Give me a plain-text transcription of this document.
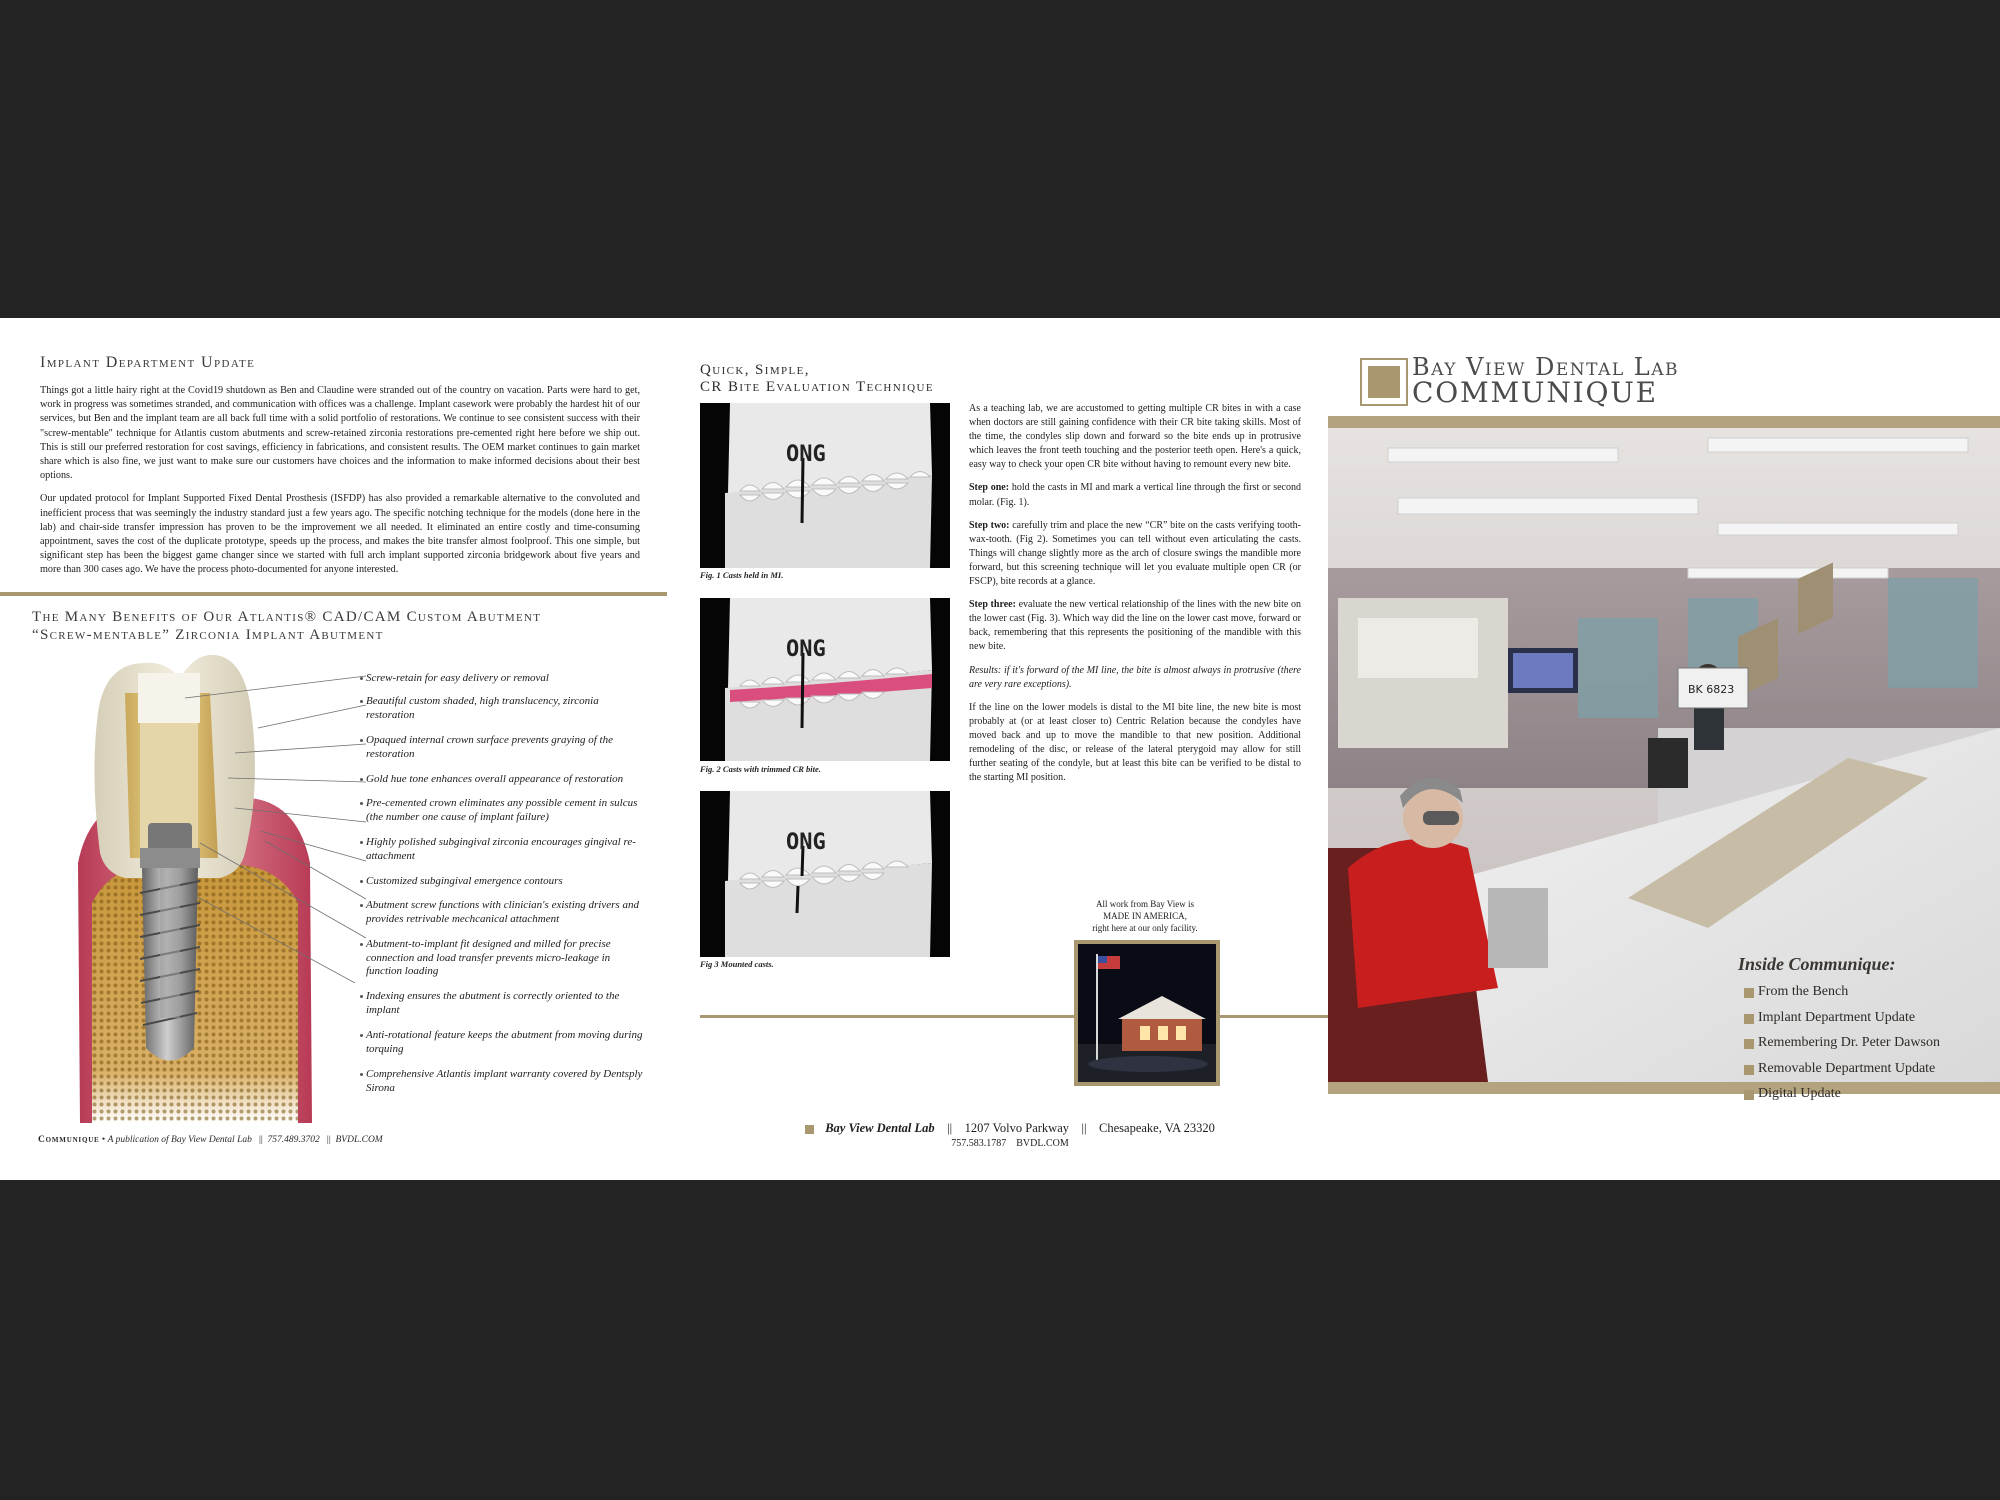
Implant Department Update

Things got a little hairy right at the Covid19 shutdown as Ben and Claudine were stranded out of the country on vacation. Parts were hard to get, work in progress was sometimes stranded, and communication with offices was a challenge. Implant casework were probably the hardest hit of our services, but Ben and the implant team are all back full time with a solid portfolio of restorations. We continue to see consistent success with their "screw-mentable" technique for Atlantis custom abutments and screw-retained zirconia restorations pre-cemented right here before we ship out. This is still our preferred restoration for cost savings, efficiency in fabrications, and consistent results. The OEM market continues to gain market share which is also fine, we just want to make sure our customers have choices and the information to make informed decisions about their best options.

Our updated protocol for Implant Supported Fixed Dental Prosthesis (ISFDP) has also provided a remarkable alternative to the convoluted and inefficient process that was seemingly the industry standard just a few years ago. The specific notching technique for the models (done here in the lab) and chair-side transfer impression has proven to be the improvement we all needed. It eliminated an entire costly and time-consuming appointment, saves the cost of the duplicate prototype, speeds up the process, and makes the bite transfer almost foolproof. This one simple, but significant step has been the biggest game changer since we started with full arch implant supported zirconia bridgework about five years and more than 300 cases ago. We have the process photo-documented for anyone interested.

The Many Benefits of Our Atlantis® CAD/CAM Custom Abutment
“Screw-mentable” Zirconia Implant Abutment
Screw-retain for easy delivery or removal
Beautiful custom shaded, high translucency, zirconia restoration
Opaqued internal crown surface prevents graying of the restoration
Gold hue tone enhances overall appearance of restoration
Pre-cemented crown eliminates any possible cement in sulcus (the number one cause of implant failure)
Highly polished subgingival zirconia encourages gingival re-attachment
Customized subgingival emergence contours
Abutment screw functions with clinician's existing drivers and provides retrivable mechcanical attachment
Abutment-to-implant fit designed and milled for precise connection and load transfer prevents micro-leakage in function loading
Indexing ensures the abutment is correctly oriented to the implant
Anti-rotational feature keeps the abutment from moving during torquing
Comprehensive Atlantis implant warranty covered by Dentsply Sirona
Communique • A publication of Bay View Dental Lab   ||  757.489.3702   ||  BVDL.COM
Quick, Simple,
CR Bite Evaluation Technique
ONG
Fig. 1 Casts held in MI.
ONG
Fig. 2 Casts with trimmed CR bite.
ONG
Fig 3 Mounted casts.

As a teaching lab, we are accustomed to getting multiple CR bites in with a case when doctors are still gaining confidence with their CR bite taking skills. Most of the time, the condyles slip down and forward so the bite ends up in protrusive which leaves the front teeth touching and the posterior teeth open. Here's a quick, easy way to check your open CR bite without having to remount every new bite.

Step one: hold the casts in MI and mark a vertical line through the first or second molar. (Fig. 1).

Step two: carefully trim and place the new “CR” bite on the casts verifying tooth-wax-tooth. (Fig 2). Sometimes you can tell without even articulating the casts. Things will change slightly more as the arch of closure swings the mandible more forward, but this screening technique will let you evaluate multiple open CR (or FSCP), bite records at a glance.

Step three: evaluate the new vertical relationship of the lines with the new bite on the lower cast (Fig. 3). Which way did the line on the lower cast move, forward or back, remembering that this represents the positioning of the mandible with this new bite.

Results: if it's forward of the MI line, the bite is almost always in protrusive (there are very rare exceptions).

If the line on the lower models is distal to the MI bite line, the new bite is most probably at (or at least closer to) Centric Relation because the condyles have moved back and up to move the mandible to that new position. Additional remodeling of the disc, or release of the lateral pterygoid may allow for still further seating of the condyle, but at least this bite can be verified to be distal to the starting MI position.

All work from Bay View is
MADE IN AMERICA,
right here at our only facility.
Bay View Dental Lab    ||    1207 Volvo Parkway    ||    Chesapeake, VA 23320
757.583.1787 BVDL.COM
Bay View Dental Lab
COMMUNIQUE
BK 6823
Inside Communique:
From the Bench
Implant Department Update
Remembering Dr. Peter Dawson
Removable Department Update
Digital Update
